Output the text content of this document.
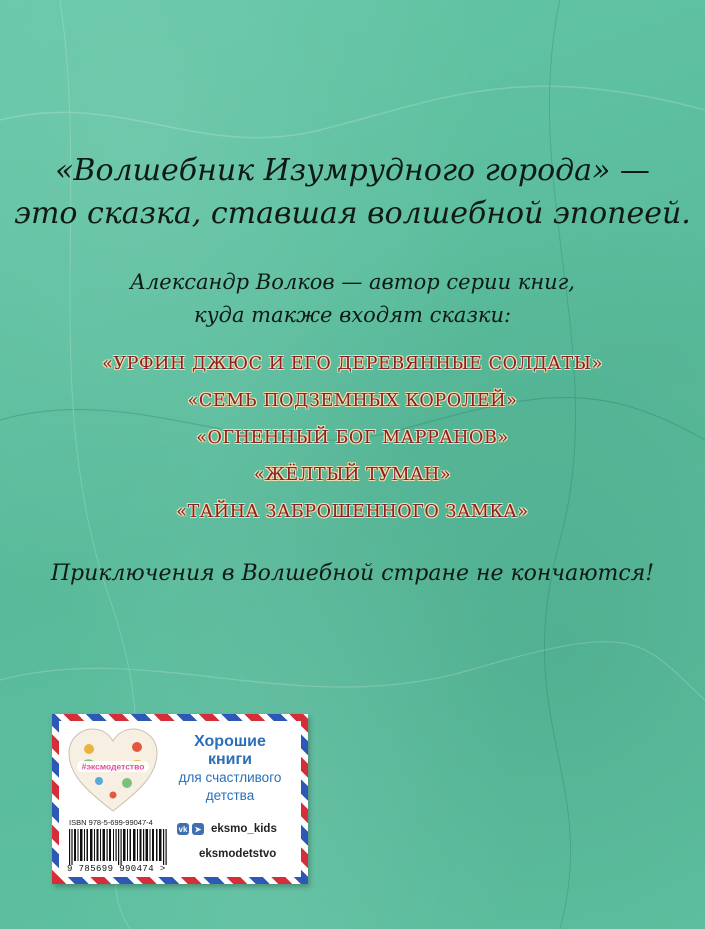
«Волшебник Изумрудного города» —
это сказка, ставшая волшебной эпопеей.
Александр Волков — автор серии книг,
куда также входят сказки:
«УРФИН ДЖЮС И ЕГО ДЕРЕВЯННЫЕ СОЛДАТЫ»
«СЕМЬ ПОДЗЕМНЫХ КОРОЛЕЙ»
«ОГНЕННЫЙ БОГ МАРРАНОВ»
«ЖЁЛТЫЙ ТУМАН»
«ТАЙНА ЗАБРОШЕННОГО ЗАМКА»
Приключения в Волшебной стране не кончаются!
#эксмодетство
Хорошие
книги
для счастливого
детства
ISBN 978-5-699-99047-4
9 785699 990474 >
vk ➤ eksmo_kids
eksmodetstvo
